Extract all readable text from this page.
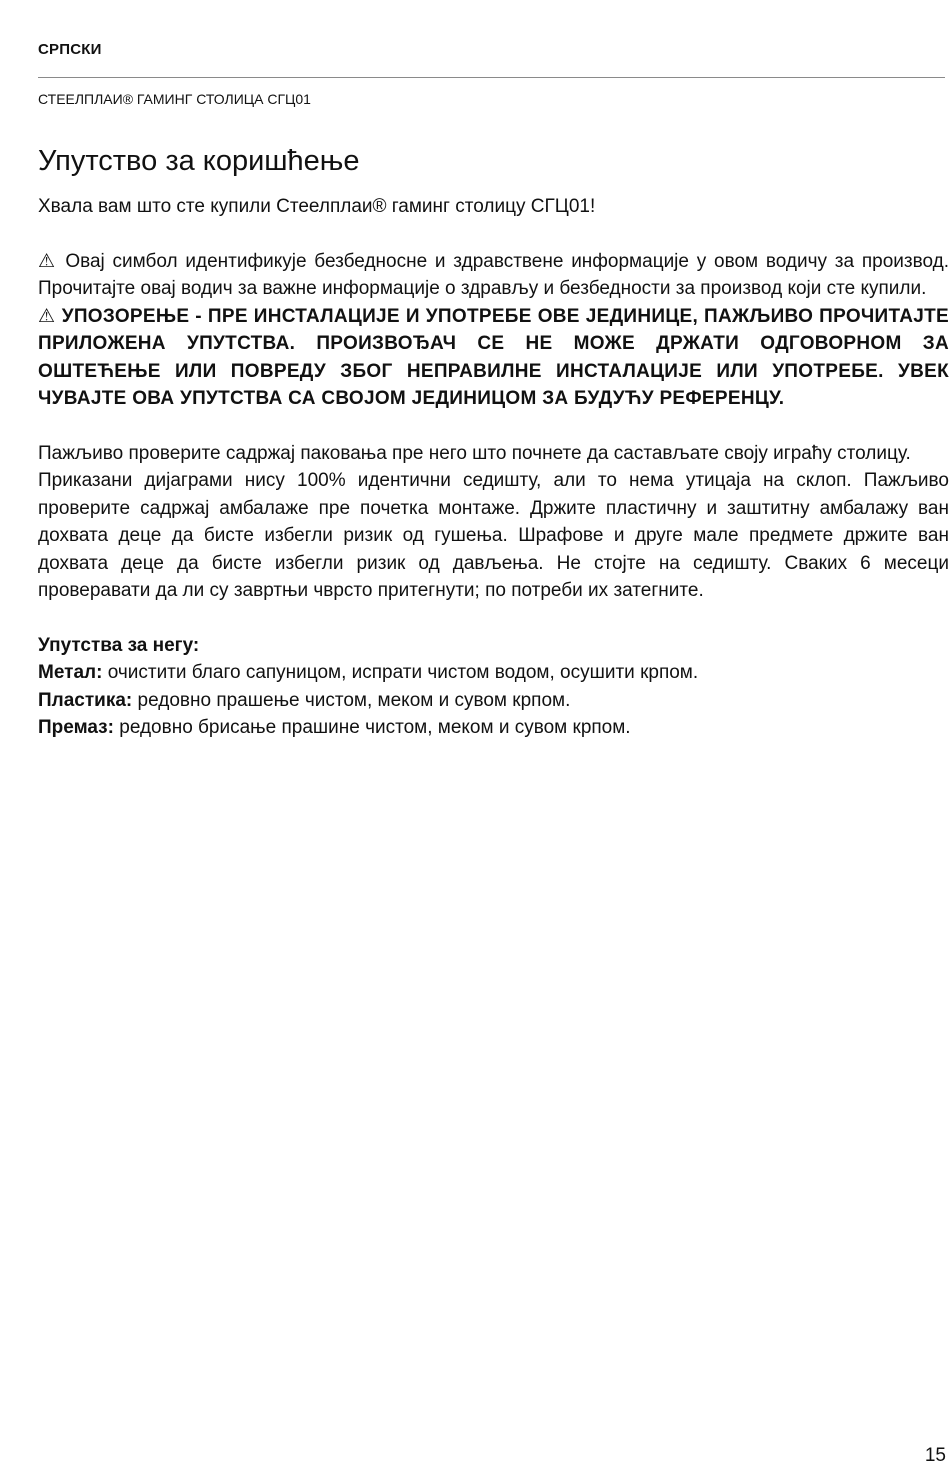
СРПСКИ
СТЕЕЛПЛАИ® ГАМИНГ СТОЛИЦА СГЦ01
Упутство за коришћење

Хвала вам што сте купили Стеелплаи® гаминг столицу СГЦ01!

⚠ Овај симбол идентификује безбедносне и здравствене информације у овом водичу за производ. Прочитајте овај водич за важне информације о здрављу и безбедности за производ који сте купили.

⚠ УПОЗОРЕЊЕ - ПРЕ ИНСТАЛАЦИЈЕ И УПОТРЕБЕ ОВЕ ЈЕДИНИЦЕ, ПАЖЉИВО ПРОЧИТАЈТЕ ПРИЛОЖЕНА УПУТСТВА. ПРОИЗВОЂАЧ СЕ НЕ МОЖЕ ДРЖАТИ ОДГОВОРНОМ ЗА ОШТЕЋЕЊЕ ИЛИ ПОВРЕДУ ЗБОГ НЕПРАВИЛНЕ ИНСТАЛАЦИЈЕ ИЛИ УПОТРЕБЕ. УВЕК ЧУВАЈТЕ ОВА УПУТСТВА СА СВОЈОМ ЈЕДИНИЦОМ ЗА БУДУЋУ РЕФЕРЕНЦУ.

Пажљиво проверите садржај паковања пре него што почнете да састављате своју играћу столицу.

Приказани дијаграми нису 100% идентични седишту, али то нема утицаја на склоп. Пажљиво проверите садржај амбалаже пре почетка монтаже. Држите пластичну и заштитну амбалажу ван дохвата деце да бисте избегли ризик од гушења. Шрафове и друге мале предмете држите ван дохвата деце да бисте избегли ризик од дављења. Не стојте на седишту. Сваких 6 месеци проверавати да ли су завртњи чврсто притегнути; по потреби их затегните.

Упутства за негу:

Метал: очистити благо сапуницом, испрати чистом водом, осушити крпом.

Пластика: редовно прашење чистом, меком и сувом крпом.

Премаз: редовно брисање прашине чистом, меком и сувом крпом.

15
